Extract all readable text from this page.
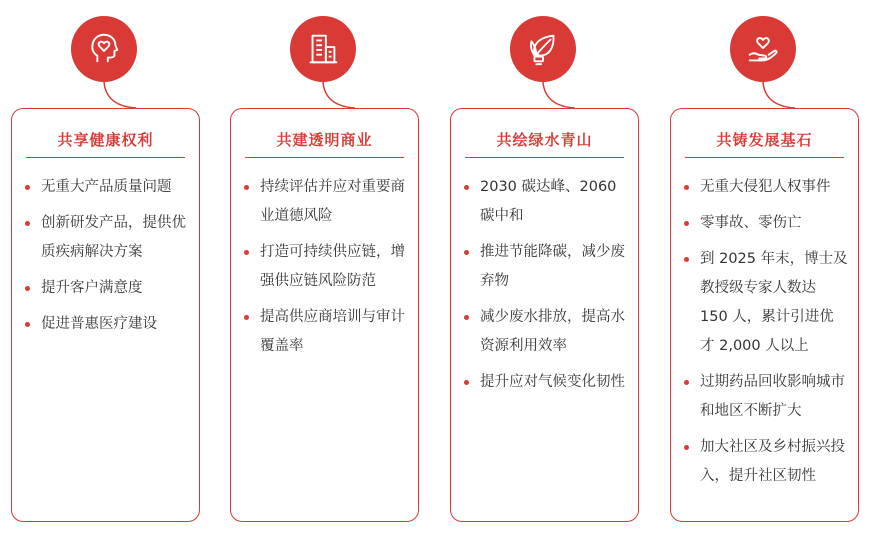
共享健康权利
无重大产品质量问题
创新研发产品，提供优质疾病解决方案
提升客户满意度
促进普惠医疗建设
共建透明商业
持续评估并应对重要商业道德风险
打造可持续供应链，增强供应链风险防范
提高供应商培训与审计覆盖率
共绘绿水青山
2030 碳达峰、2060 碳中和
推进节能降碳，减少废弃物
减少废水排放，提高水资源利用效率
提升应对气候变化韧性
共铸发展基石
无重大侵犯人权事件
零事故、零伤亡
到 2025 年末，博士及教授级专家人数达 150 人，累计引进优才 2,000 人以上
过期药品回收影响城市和地区不断扩大
加大社区及乡村振兴投入，提升社区韧性
